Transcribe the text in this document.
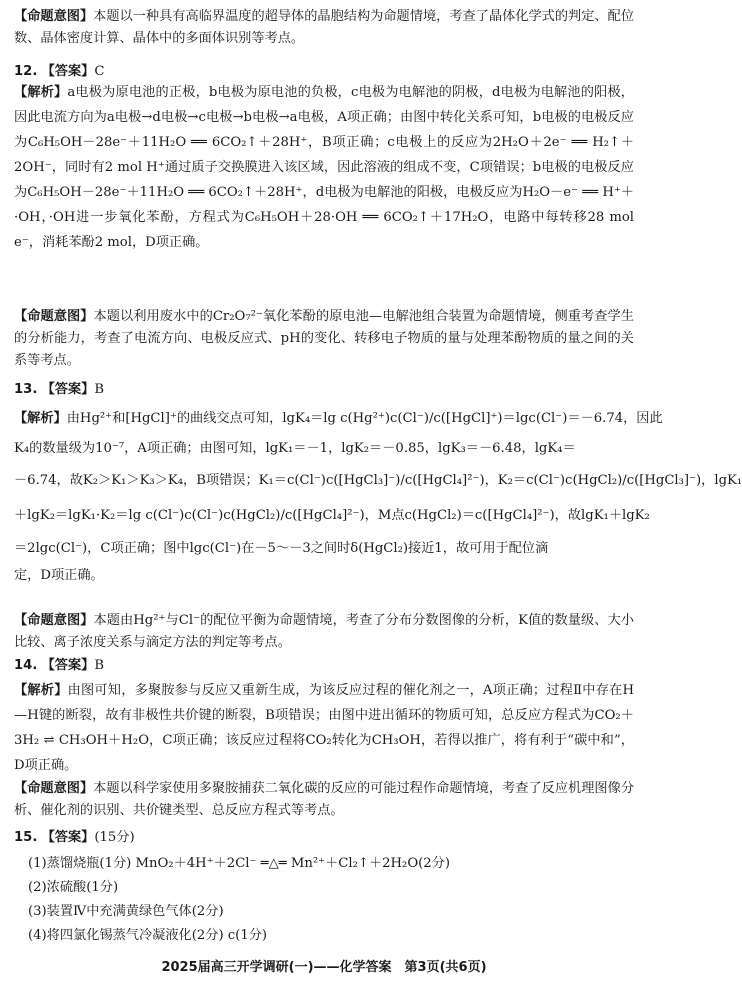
【命题意图】本题以一种具有高临界温度的超导体的晶胞结构为命题情境，考查了晶体化学式的判定、配位数、晶体密度计算、晶体中的多面体识别等考点。
12. 【答案】C
【解析】a电极为原电池的正极，b电极为原电池的负极，c电极为电解池的阴极，d电极为电解池的阳极，因此电流方向为a电极→d电极→c电极→b电极→a电极，A项正确；由图中转化关系可知，b电极的电极反应为C₆H₅OH－28e⁻＋11H₂O ══ 6CO₂↑＋28H⁺，B项正确；c电极上的反应为2H₂O＋2e⁻ ══ H₂↑＋2OH⁻，同时有2 mol H⁺通过质子交换膜进入该区域，因此溶液的组成不变，C项错误；b电极的电极反应为C₆H₅OH－28e⁻＋11H₂O ══ 6CO₂↑＋28H⁺，d电极为电解池的阳极，电极反应为H₂O－e⁻ ══ H⁺＋·OH，·OH进一步氧化苯酚，方程式为C₆H₅OH＋28·OH ══ 6CO₂↑＋17H₂O，电路中每转移28 mol e⁻，消耗苯酚2 mol，D项正确。
【命题意图】本题以利用废水中的Cr₂O₇²⁻氧化苯酚的原电池—电解池组合装置为命题情境，侧重考查学生的分析能力，考查了电流方向、电极反应式、pH的变化、转移电子物质的量与处理苯酚物质的量之间的关系等考点。
13. 【答案】B
【解析】由Hg²⁺和[HgCl]⁺的曲线交点可知，lgK₄＝lg c(Hg²⁺)c(Cl⁻)/c([HgCl]⁺)＝lgc(Cl⁻)＝－6.74，因此
K₄的数量级为10⁻⁷，A项正确；由图可知，lgK₁＝－1，lgK₂＝－0.85，lgK₃＝－6.48，lgK₄＝
－6.74，故K₂＞K₁＞K₃＞K₄，B项错误；K₁＝c(Cl⁻)c([HgCl₃]⁻)/c([HgCl₄]²⁻)，K₂＝c(Cl⁻)c(HgCl₂)/c([HgCl₃]⁻)，lgK₁
＋lgK₂＝lgK₁·K₂＝lg c(Cl⁻)c(Cl⁻)c(HgCl₂)/c([HgCl₄]²⁻)，M点c(HgCl₂)＝c([HgCl₄]²⁻)，故lgK₁＋lgK₂
＝2lgc(Cl⁻)，C项正确；图中lgc(Cl⁻)在－5～－3之间时δ(HgCl₂)接近1，故可用于配位滴
定，D项正确。
【命题意图】本题由Hg²⁺与Cl⁻的配位平衡为命题情境，考查了分布分数图像的分析，K值的数量级、大小比较、离子浓度关系与滴定方法的判定等考点。
14. 【答案】B
【解析】由图可知，多聚胺参与反应又重新生成，为该反应过程的催化剂之一，A项正确；过程Ⅱ中存在H—H键的断裂，故有非极性共价键的断裂，B项错误；由图中进出循环的物质可知，总反应方程式为CO₂＋3H₂ ⇌ CH₃OH＋H₂O，C项正确；该反应过程将CO₂转化为CH₃OH，若得以推广，将有利于“碳中和”，D项正确。
【命题意图】本题以科学家使用多聚胺捕获二氧化碳的反应的可能过程作命题情境，考查了反应机理图像分析、催化剂的识别、共价键类型、总反应方程式等考点。
15. 【答案】(15分)
(1)蒸馏烧瓶(1分) MnO₂＋4H⁺＋2Cl⁻ ═△═ Mn²⁺＋Cl₂↑＋2H₂O(2分)
(2)浓硫酸(1分)
(3)装置Ⅳ中充满黄绿色气体(2分)
(4)将四氯化锡蒸气冷凝液化(2分) c(1分)
2025届高三开学调研(一)——化学答案　第3页(共6页)
